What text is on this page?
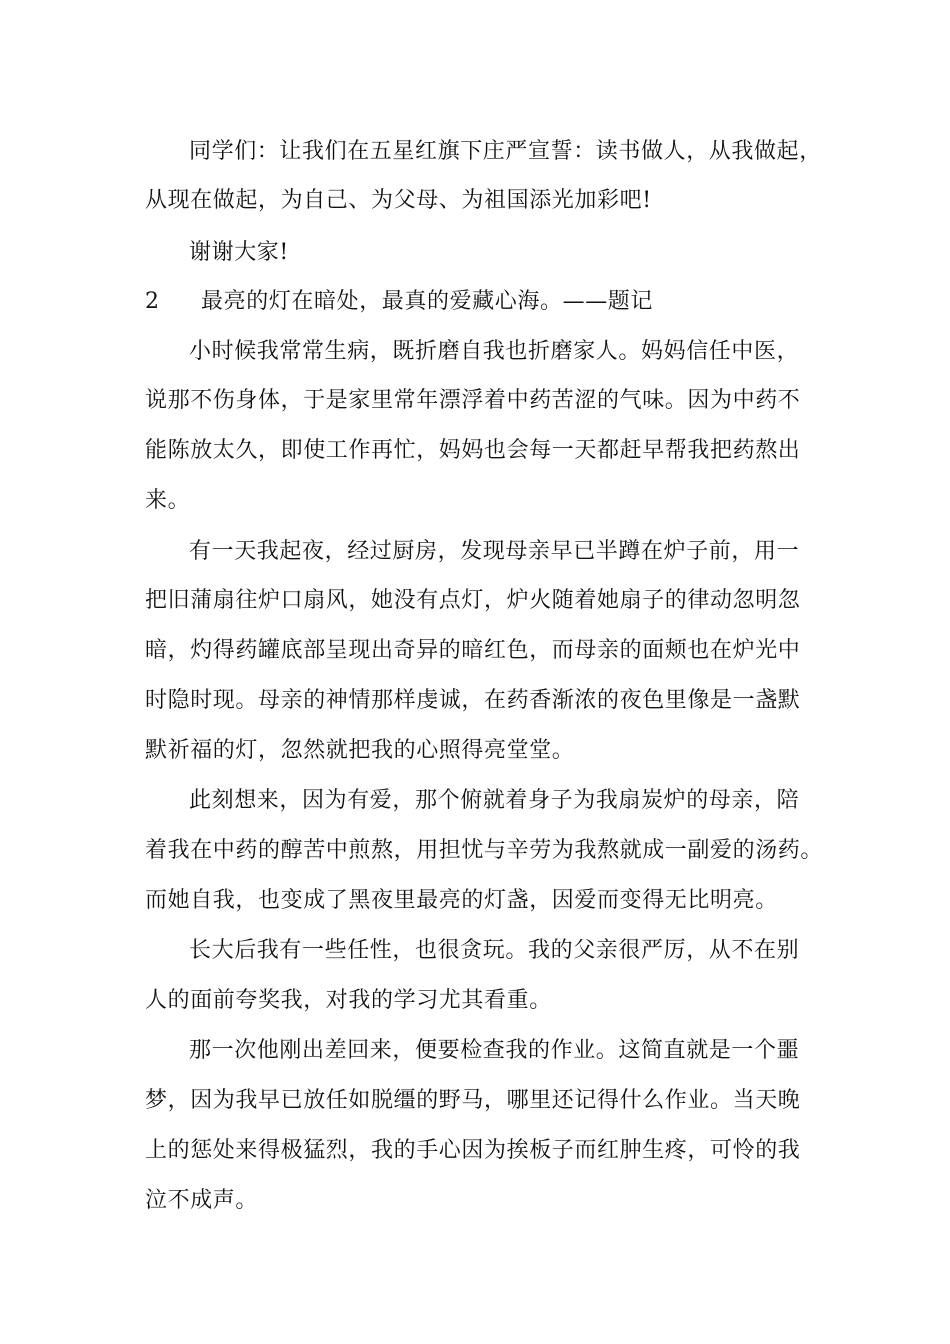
同学们：让我们在五星红旗下庄严宣誓：读书做人，从我做起，
从现在做起，为自己、为父母、为祖国添光加彩吧!
谢谢大家!
2 最亮的灯在暗处，最真的爱藏心海。——题记
小时候我常常生病，既折磨自我也折磨家人。妈妈信任中医，
说那不伤身体，于是家里常年漂浮着中药苦涩的气味。因为中药不
能陈放太久，即使工作再忙，妈妈也会每一天都赶早帮我把药熬出
来。
有一天我起夜，经过厨房，发现母亲早已半蹲在炉子前，用一
把旧蒲扇往炉口扇风，她没有点灯，炉火随着她扇子的律动忽明忽
暗，灼得药罐底部呈现出奇异的暗红色，而母亲的面颊也在炉光中
时隐时现。母亲的神情那样虔诚，在药香渐浓的夜色里像是一盏默
默祈福的灯，忽然就把我的心照得亮堂堂。
此刻想来，因为有爱，那个俯就着身子为我扇炭炉的母亲，陪
着我在中药的醇苦中煎熬，用担忧与辛劳为我熬就成一副爱的汤药。
而她自我，也变成了黑夜里最亮的灯盏，因爱而变得无比明亮。
长大后我有一些任性，也很贪玩。我的父亲很严厉，从不在别
人的面前夸奖我，对我的学习尤其看重。
那一次他刚出差回来，便要检查我的作业。这简直就是一个噩
梦，因为我早已放任如脱缰的野马，哪里还记得什么作业。当天晚
上的惩处来得极猛烈，我的手心因为挨板子而红肿生疼，可怜的我
泣不成声。
